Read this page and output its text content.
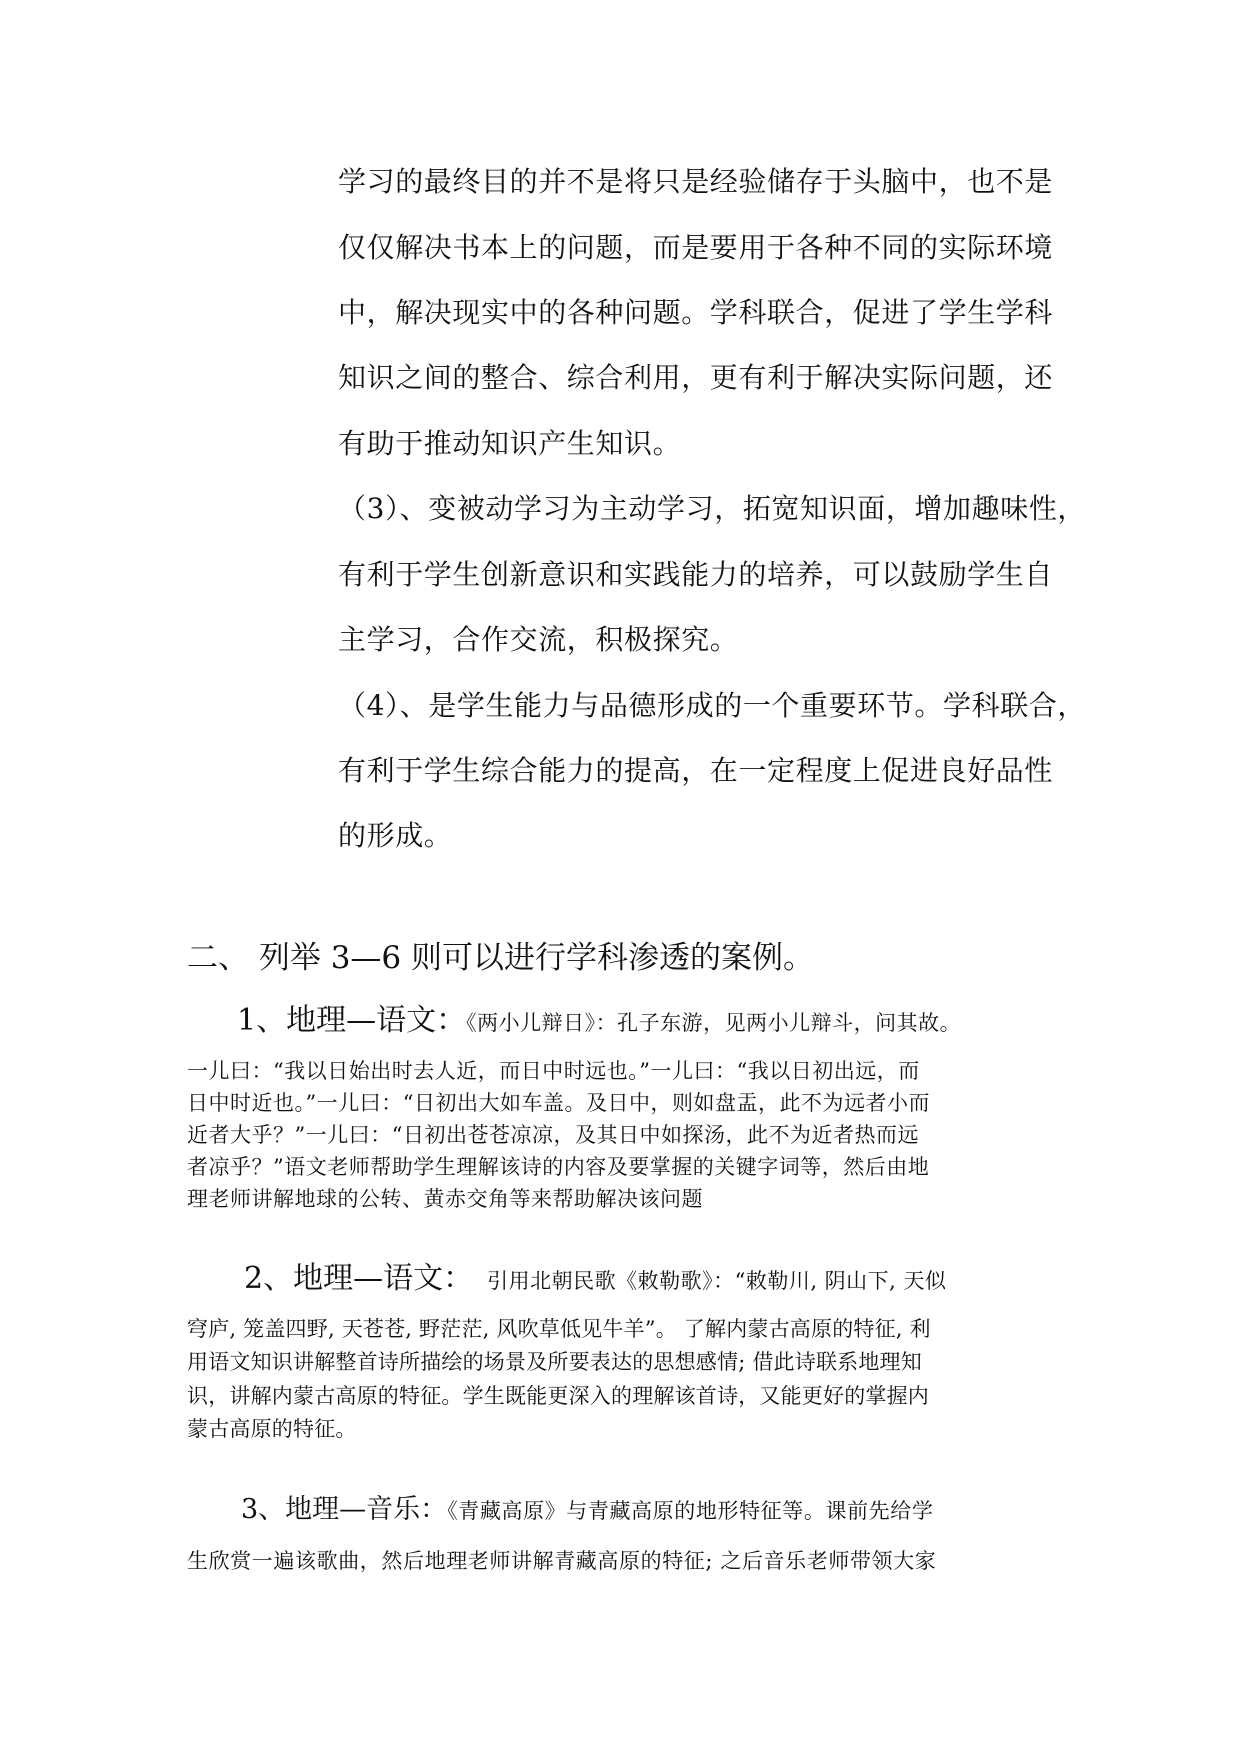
学习的最终目的并不是将只是经验储存于头脑中，也不是
仅仅解决书本上的问题，而是要用于各种不同的实际环境
中，解决现实中的各种问题。学科联合，促进了学生学科
知识之间的整合、综合利用，更有利于解决实际问题，还
有助于推动知识产生知识。
（3）、变被动学习为主动学习，拓宽知识面，增加趣味性，
有利于学生创新意识和实践能力的培养，可以鼓励学生自
主学习，合作交流，积极探究。
（4）、是学生能力与品德形成的一个重要环节。学科联合，
有利于学生综合能力的提高，在一定程度上促进良好品性
的形成。
二、 列举 3—6 则可以进行学科渗透的案例。
1、地理—语文：《两小儿辩日》：孔子东游，见两小儿辩斗，问其故。
一儿曰：“我以日始出时去人近，而日中时远也。”一儿曰：“我以日初出远，而
日中时近也。”一儿曰：“日初出大如车盖。及日中，则如盘盂，此不为远者小而
近者大乎？”一儿曰：“日初出苍苍凉凉，及其日中如探汤，此不为近者热而远
者凉乎？”语文老师帮助学生理解该诗的内容及要掌握的关键字词等，然后由地
理老师讲解地球的公转、黄赤交角等来帮助解决该问题
2、地理—语文： 引用北朝民歌《敕勒歌》：“敕勒川, 阴山下, 天似
穹庐, 笼盖四野, 天苍苍, 野茫茫, 风吹草低见牛羊”。 了解内蒙古高原的特征, 利
用语文知识讲解整首诗所描绘的场景及所要表达的思想感情; 借此诗联系地理知
识，讲解内蒙古高原的特征。学生既能更深入的理解该首诗，又能更好的掌握内
蒙古高原的特征。
3、地理—音乐：《青藏高原》与青藏高原的地形特征等。课前先给学
生欣赏一遍该歌曲，然后地理老师讲解青藏高原的特征; 之后音乐老师带领大家
